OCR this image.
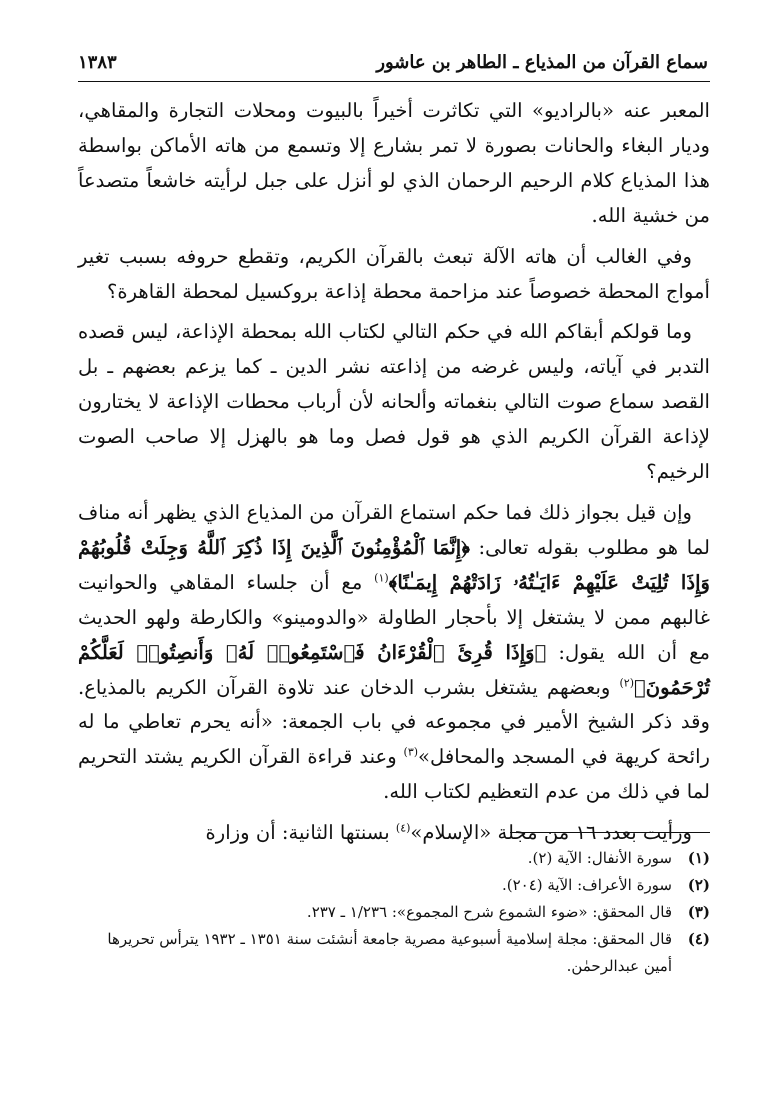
سماع القرآن من المذياع ـ الطاهر بن عاشور
١٣٨٣

المعبر عنه «بالراديو» التي تكاثرت أخيراً بالبيوت ومحلات التجارة والمقاهي، وديار البغاء والحانات بصورة لا تمر بشارع إلا وتسمع من هاته الأماكن بواسطة هذا المذياع كلام الرحيم الرحمان الذي لو أنزل على جبل لرأيته خاشعاً متصدعاً من خشية الله.

وفي الغالب أن هاته الآلة تبعث بالقرآن الكريم، وتقطع حروفه بسبب تغير أمواج المحطة خصوصاً عند مزاحمة محطة إذاعة بروكسيل لمحطة القاهرة؟

وما قولكم أبقاكم الله في حكم التالي لكتاب الله بمحطة الإذاعة، ليس قصده التدبر في آياته، وليس غرضه من إذاعته نشر الدين ـ كما يزعم بعضهم ـ بل القصد سماع صوت التالي بنغماته وألحانه لأن أرباب محطات الإذاعة لا يختارون لإذاعة القرآن الكريم الذي هو قول فصل وما هو بالهزل إلا صاحب الصوت الرخيم؟

وإن قيل بجواز ذلك فما حكم استماع القرآن من المذياع الذي يظهر أنه مناف لما هو مطلوب بقوله تعالى: ﴿إِنَّمَا ٱلْمُؤْمِنُونَ ٱلَّذِينَ إِذَا ذُكِرَ ٱللَّهُ وَجِلَتْ قُلُوبُهُمْ وَإِذَا تُلِيَتْ عَلَيْهِمْ ءَايَـٰتُهُۥ زَادَتْهُمْ إِيمَـٰنًا﴾$^{(١)}$ مع أن جلساء المقاهي والحوانيت غالبهم ممن لا يشتغل إلا بأحجار الطاولة «والدومينو» والكارطة ولهو الحديث مع أن الله يقول: ﴿وَإِذَا قُرِئَ ٱلْقُرْءَانُ فَٱسْتَمِعُوا۟ لَهُۥ وَأَنصِتُوا۟ لَعَلَّكُمْ تُرْحَمُونَ﴾$^{(٢)}$ وبعضهم يشتغل بشرب الدخان عند تلاوة القرآن الكريم بالمذياع. وقد ذكر الشيخ الأمير في مجموعه في باب الجمعة: «أنه يحرم تعاطي ما له رائحة كريهة في المسجد والمحافل»$^{(٣)}$ وعند قراءة القرآن الكريم يشتد التحريم لما في ذلك من عدم التعظيم لكتاب الله.

ورأيت بعدد ١٦ من مجلة «الإسلام»$^{(٤)}$ بسنتها الثانية: أن وزارة

(١)
سورة الأنفال: الآية (٢).
(٢)
سورة الأعراف: الآية (٢٠٤).
(٣)
قال المحقق: «ضوء الشموع شرح المجموع»: ١/٢٣٦ ـ ٢٣٧.
(٤)
قال المحقق: مجلة إسلامية أسبوعية مصرية جامعة أنشئت سنة ١٣٥١ ـ ١٩٣٢ يترأس تحريرها أمين عبدالرحمٰن.
